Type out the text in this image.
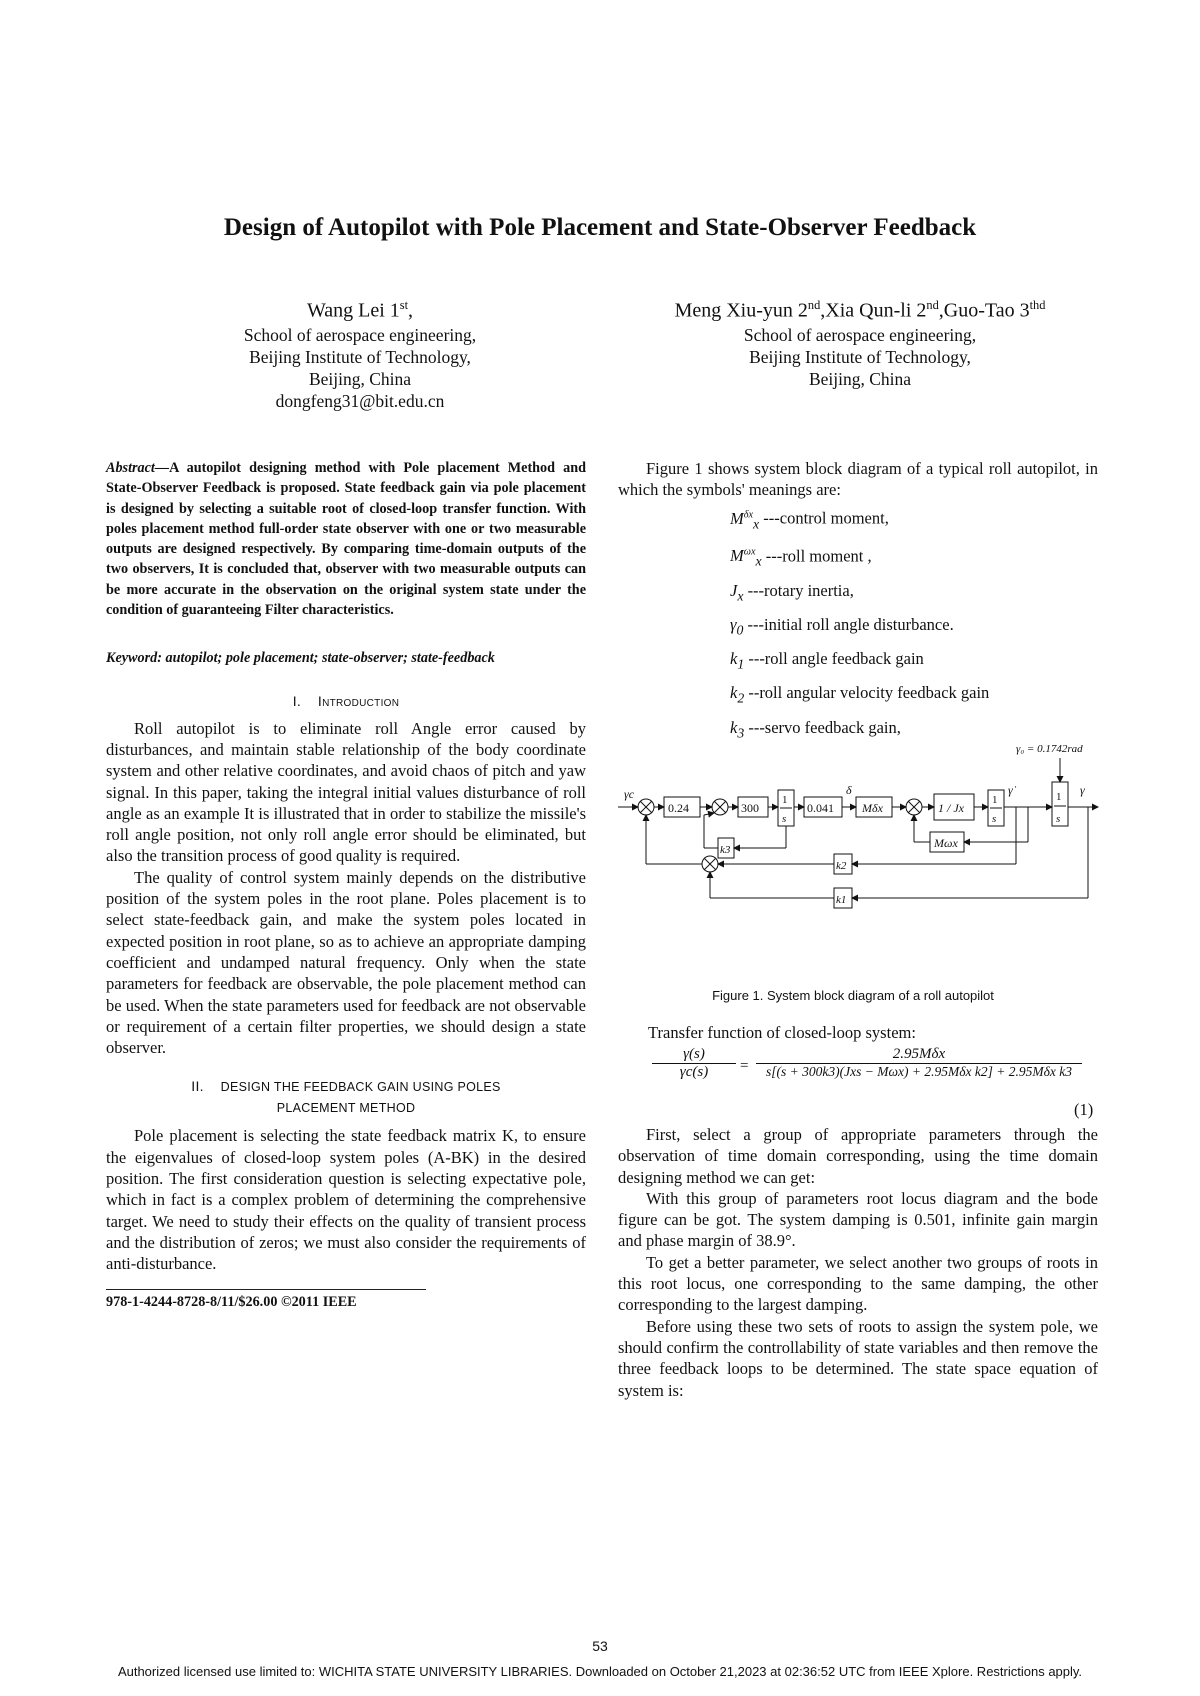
Design of Autopilot with Pole Placement and State-Observer Feedback
Wang Lei 1st,
School of aerospace engineering,
Beijing Institute of Technology,
Beijing, China
dongfeng31@bit.edu.cn
Meng Xiu-yun 2nd,Xia Qun-li 2nd,Guo-Tao $3^{thd}$
School of aerospace engineering,
Beijing Institute of Technology,
Beijing, China
Abstract—A autopilot designing method with Pole placement Method and State-Observer Feedback is proposed. State feedback gain via pole placement is designed by selecting a suitable root of closed-loop transfer function. With poles placement method full-order state observer with one or two measurable outputs are designed respectively. By comparing time-domain outputs of the two observers, It is concluded that, observer with two measurable outputs can be more accurate in the observation on the original system state under the condition of guaranteeing Filter characteristics.
Keyword: autopilot; pole placement; state-observer; state-feedback
I. Introduction

Roll autopilot is to eliminate roll Angle error caused by disturbances, and maintain stable relationship of the body coordinate system and other relative coordinates, and avoid chaos of pitch and yaw signal. In this paper, taking the integral initial values disturbance of roll angle as an example It is illustrated that in order to stabilize the missile's roll angle position, not only roll angle error should be eliminated, but also the transition process of good quality is required.

The quality of control system mainly depends on the distributive position of the system poles in the root plane. Poles placement is to select state-feedback gain, and make the system poles located in expected position in root plane, so as to achieve an appropriate damping coefficient and undamped natural frequency. Only when the state parameters for feedback are observable, the pole placement method can be used. When the state parameters used for feedback are not observable or requirement of a certain filter properties, we should design a state observer.

II. DESIGN THE FEEDBACK GAIN USING POLES
PLACEMENT METHOD

Pole placement is selecting the state feedback matrix K, to ensure the eigenvalues of closed-loop system poles (A-BK) in the desired position. The first consideration question is selecting expectative pole, which in fact is a complex problem of determining the comprehensive target. We need to study their effects on the quality of transient process and the distribution of zeros; we must also consider the requirements of anti-disturbance.

978-1-4244-8728-8/11/$26.00 ©2011 IEEE

Figure 1 shows system block diagram of a typical roll autopilot, in which the symbols' meanings are:

$M^{\delta x}_x$ ---control moment,
$M^{\omega x}_x$ ---roll moment ,
$J_x$ ---rotary inertia,
$\gamma_0$ ---initial roll angle disturbance.
$k_1$ ---roll angle feedback gain
$k_2$ --roll angular velocity feedback gain
$k_3$ ---servo feedback gain,
γ₀ = 0.1742rad
γc
0.24	300
1
s
0.041
δ
Mδx	1 / Jx
1
s
γ̇	1
s
γ
Mωx
k3
k2
k1
Figure 1. System block diagram of a roll autopilot
Transfer function of closed-loop system:
$\frac{\gamma(s)}{\gamma c(s)}$ =
2.95Mδx
s[(s + 300k3)(Jxs − Mωx) + 2.95Mδx k2] + 2.95Mδx k3
(1)

First, select a group of appropriate parameters through the observation of time domain corresponding, using the time domain designing method we can get:

With this group of parameters root locus diagram and the bode figure can be got. The system damping is 0.501, infinite gain margin and phase margin of 38.9°.

To get a better parameter, we select another two groups of roots in this root locus, one corresponding to the same damping, the other corresponding to the largest damping.

Before using these two sets of roots to assign the system pole, we should confirm the controllability of state variables and then remove the three feedback loops to be determined. The state space equation of system is:

53
Authorized licensed use limited to: WICHITA STATE UNIVERSITY LIBRARIES. Downloaded on October 21,2023 at 02:36:52 UTC from IEEE Xplore. Restrictions apply.
